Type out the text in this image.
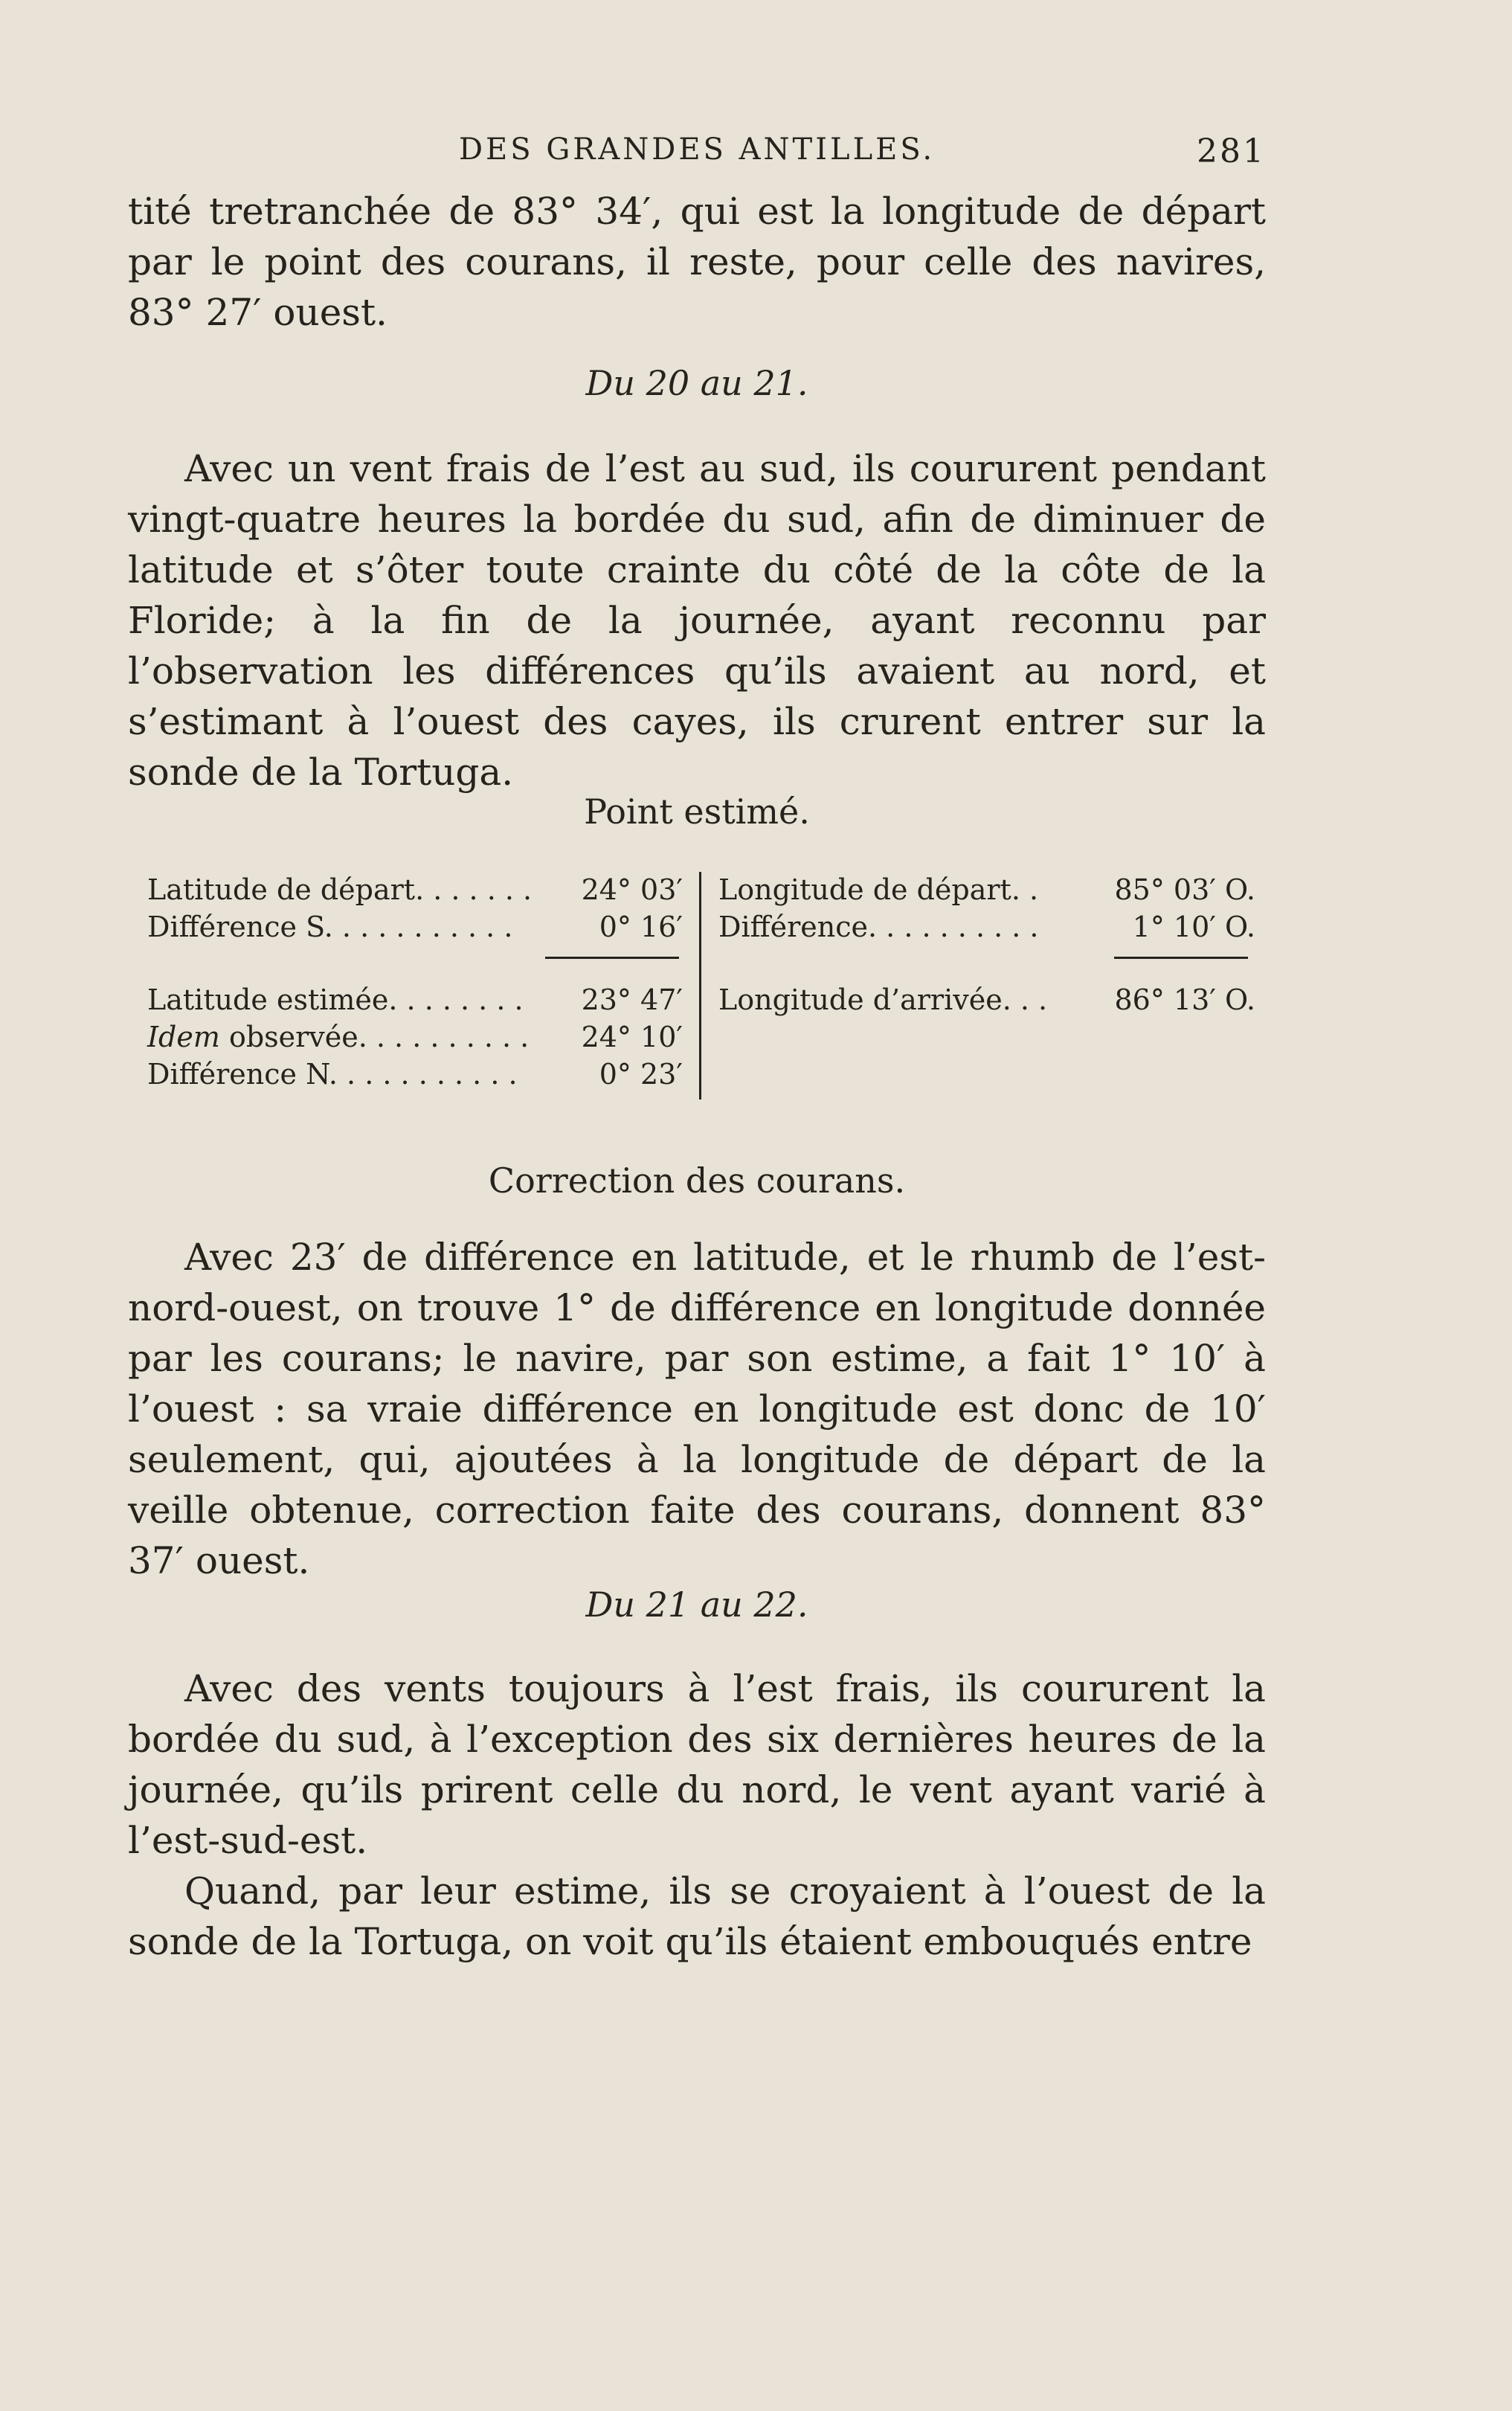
DES GRANDES ANTILLES.	281

tité tretranchée de 83° 34′, qui est la longitude de départ par le point des courans, il reste, pour celle des navires, 83° 27′ ouest.

Du 20 au 21.

Avec un vent frais de l’est au sud, ils coururent pendant vingt-quatre heures la bordée du sud, afin de diminuer de latitude et s’ôter toute crainte du côté de la côte de la Floride; à la fin de la journée, ayant reconnu par l’observation les différences qu’ils avaient au nord, et s’estimant à l’ouest des cayes, ils crurent entrer sur la sonde de la Tortuga.

Point estimé.
Latitude de départ. . . . . . . 24° 03′
Différence S. . . . . . . . . . .	0° 16′
Latitude estimée. . . . . . . . 23° 47′
Idem observée. . . . . . . . . . 24° 10′
Différence N. . . . . . . . . . .	0° 23′
Longitude de départ. .	85° 03′ O.
Différence. . . . . . . . . .	1° 10′ O.
Longitude d’arrivée. . . 86° 13′ O.
Correction des courans.

Avec 23′ de différence en latitude, et le rhumb de l’est-nord-ouest, on trouve 1° de différence en longitude donnée par les courans; le navire, par son estime, a fait 1° 10′ à l’ouest : sa vraie différence en longitude est donc de 10′ seulement, qui, ajoutées à la longitude de départ de la veille obtenue, correction faite des courans, donnent 83° 37′ ouest.

Du 21 au 22.

Avec des vents toujours à l’est frais, ils coururent la bordée du sud, à l’exception des six dernières heures de la journée, qu’ils prirent celle du nord, le vent ayant varié à l’est-sud-est.

Quand, par leur estime, ils se croyaient à l’ouest de la sonde de la Tortuga, on voit qu’ils étaient embouqués entre
